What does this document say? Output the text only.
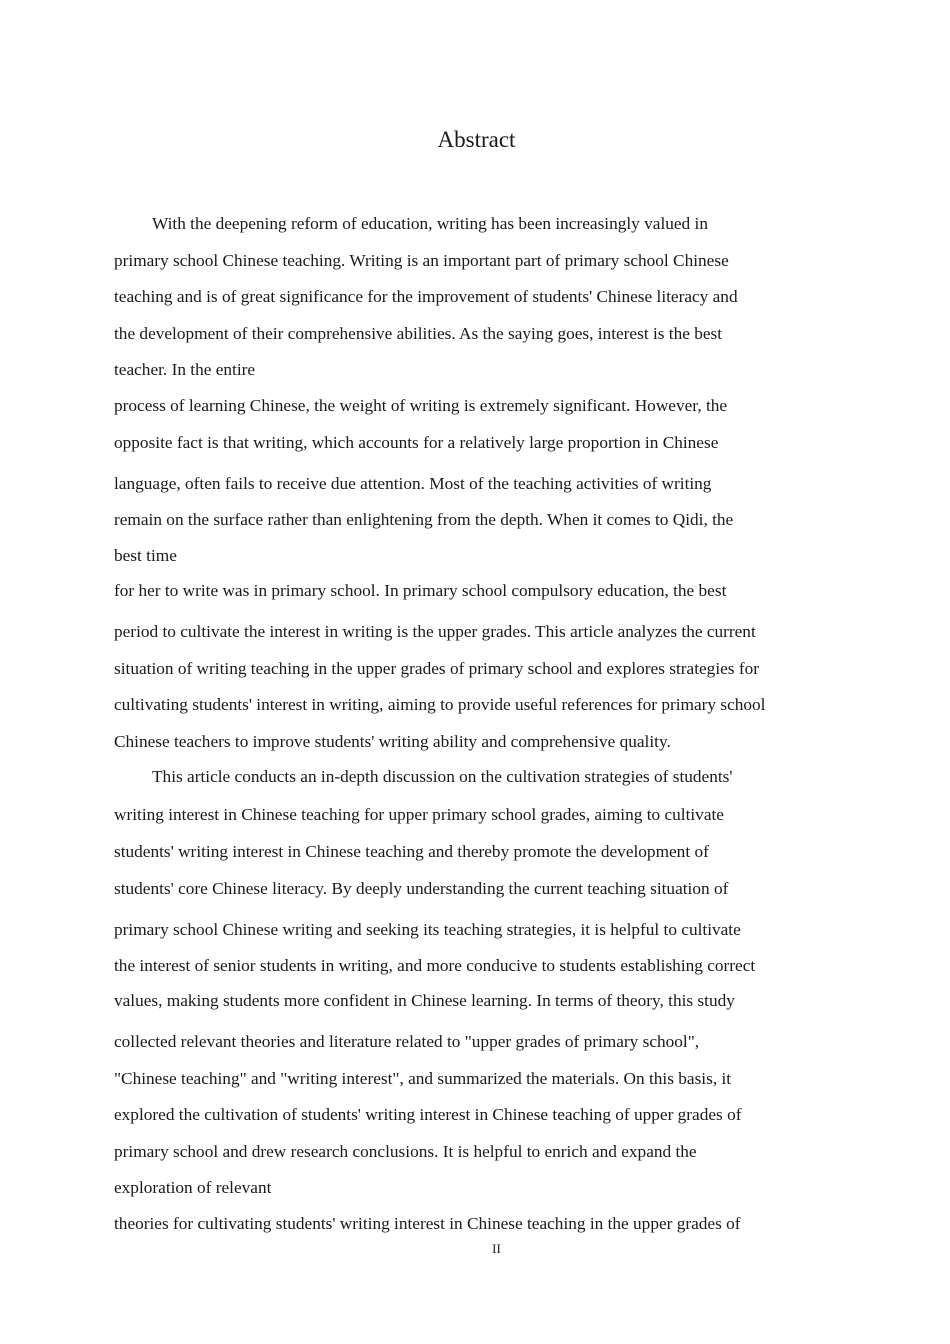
Abstract

With the deepening reform of education, writing has been increasingly valued in

primary school Chinese teaching. Writing is an important part of primary school Chinese

teaching and is of great significance for the improvement of students' Chinese literacy and

the development of their comprehensive abilities. As the saying goes, interest is the best

teacher. In the entire

process of learning Chinese, the weight of writing is extremely significant. However, the

opposite fact is that writing, which accounts for a relatively large proportion in Chinese

language, often fails to receive due attention. Most of the teaching activities of writing

remain on the surface rather than enlightening from the depth. When it comes to Qidi, the

best time

for her to write was in primary school. In primary school compulsory education, the best

period to cultivate the interest in writing is the upper grades. This article analyzes the current

situation of writing teaching in the upper grades of primary school and explores strategies for

cultivating students' interest in writing, aiming to provide useful references for primary school

Chinese teachers to improve students' writing ability and comprehensive quality.

This article conducts an in-depth discussion on the cultivation strategies of students'

writing interest in Chinese teaching for upper primary school grades, aiming to cultivate

students' writing interest in Chinese teaching and thereby promote the development of

students' core Chinese literacy. By deeply understanding the current teaching situation of

primary school Chinese writing and seeking its teaching strategies, it is helpful to cultivate

the interest of senior students in writing, and more conducive to students establishing correct

values, making students more confident in Chinese learning. In terms of theory, this study

collected relevant theories and literature related to "upper grades of primary school",

"Chinese teaching" and "writing interest", and summarized the materials. On this basis, it

explored the cultivation of students' writing interest in Chinese teaching of upper grades of

primary school and drew research conclusions. It is helpful to enrich and expand the

exploration of relevant

theories for cultivating students' writing interest in Chinese teaching in the upper grades of

II
